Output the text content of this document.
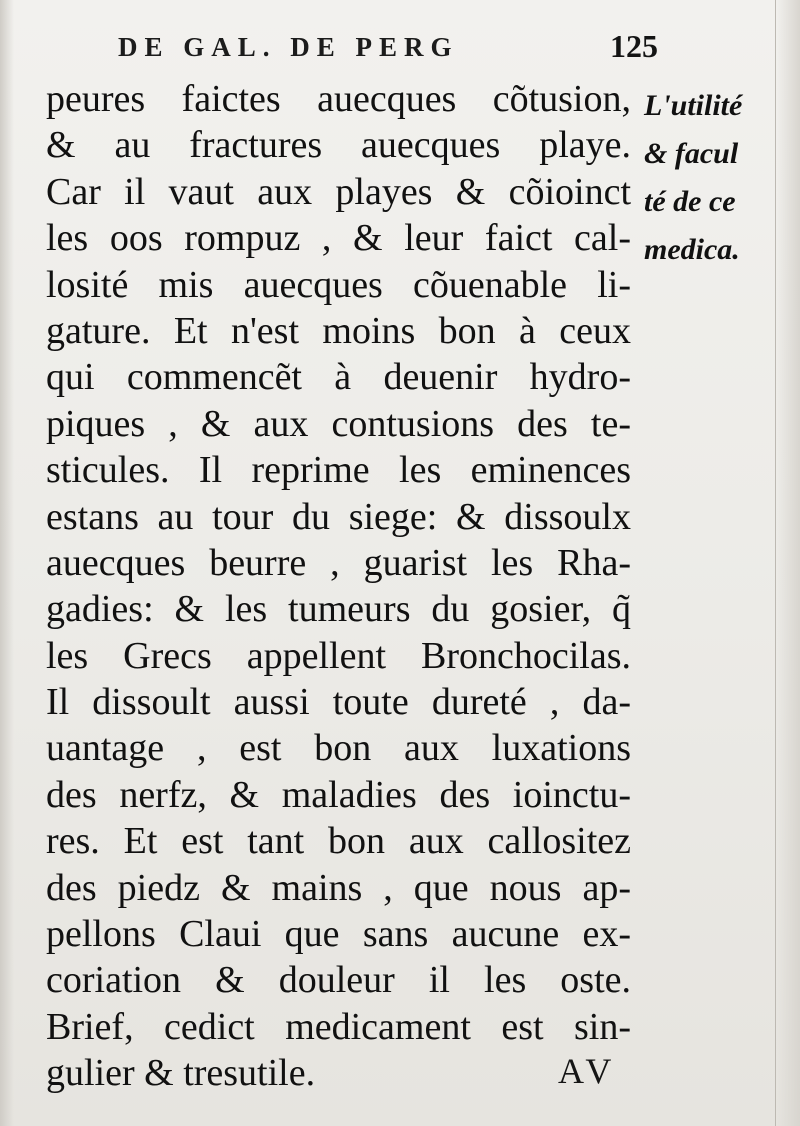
DE GAL. DE PERG	125
peures faictes auecques cõtusion,
& au fractures auecques playe.
Car il vaut aux playes & cõioinct
les oos rompuz , & leur faict cal-
losité mis auecques cõuenable li-
gature. Et n'est moins bon à ceux
qui commencẽt à deuenir hydro-
piques , & aux contusions des te-
sticules. Il reprime les eminences
estans au tour du siege: & dissoulx
auecques beurre , guarist les Rha-
gadies: & les tumeurs du gosier, q̃
les Grecs appellent Bronchocilas.
Il dissoult aussi toute dureté , da-
uantage , est bon aux luxations
des nerfz, & maladies des ioinctu-
res. Et est tant bon aux callositez
des piedz & mains , que nous ap-
pellons Claui que sans aucune ex-
coriation & douleur il les oste.
Brief, cedict medicament est sin-
gulier & tresutile.
L'utilité
& facul
té de ce
medica.

AV
